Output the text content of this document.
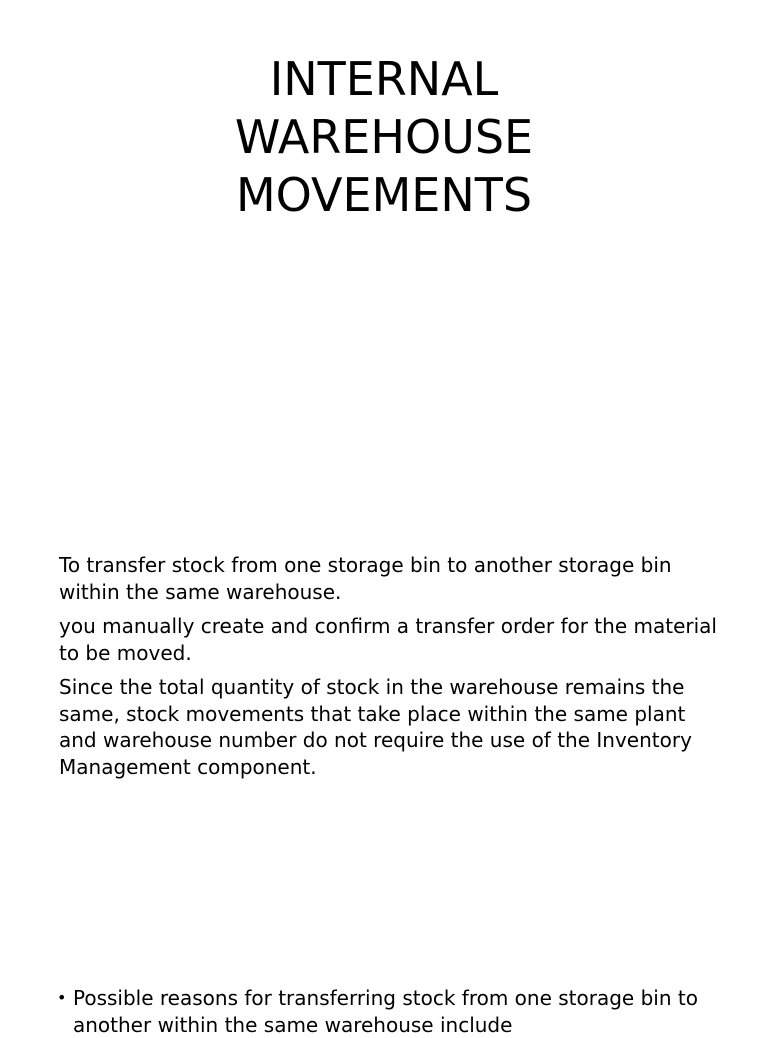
INTERNAL
WAREHOUSE
MOVEMENTS

To transfer stock from one storage bin to another storage bin within the same warehouse.

you manually create and confirm a transfer order for the material to be moved.

Since the total quantity of stock in the warehouse remains the same, stock movements that take place within the same plant and warehouse number do not require the use of the Inventory Management component.

• Possible reasons for transferring stock from one storage bin to another within the same warehouse include
